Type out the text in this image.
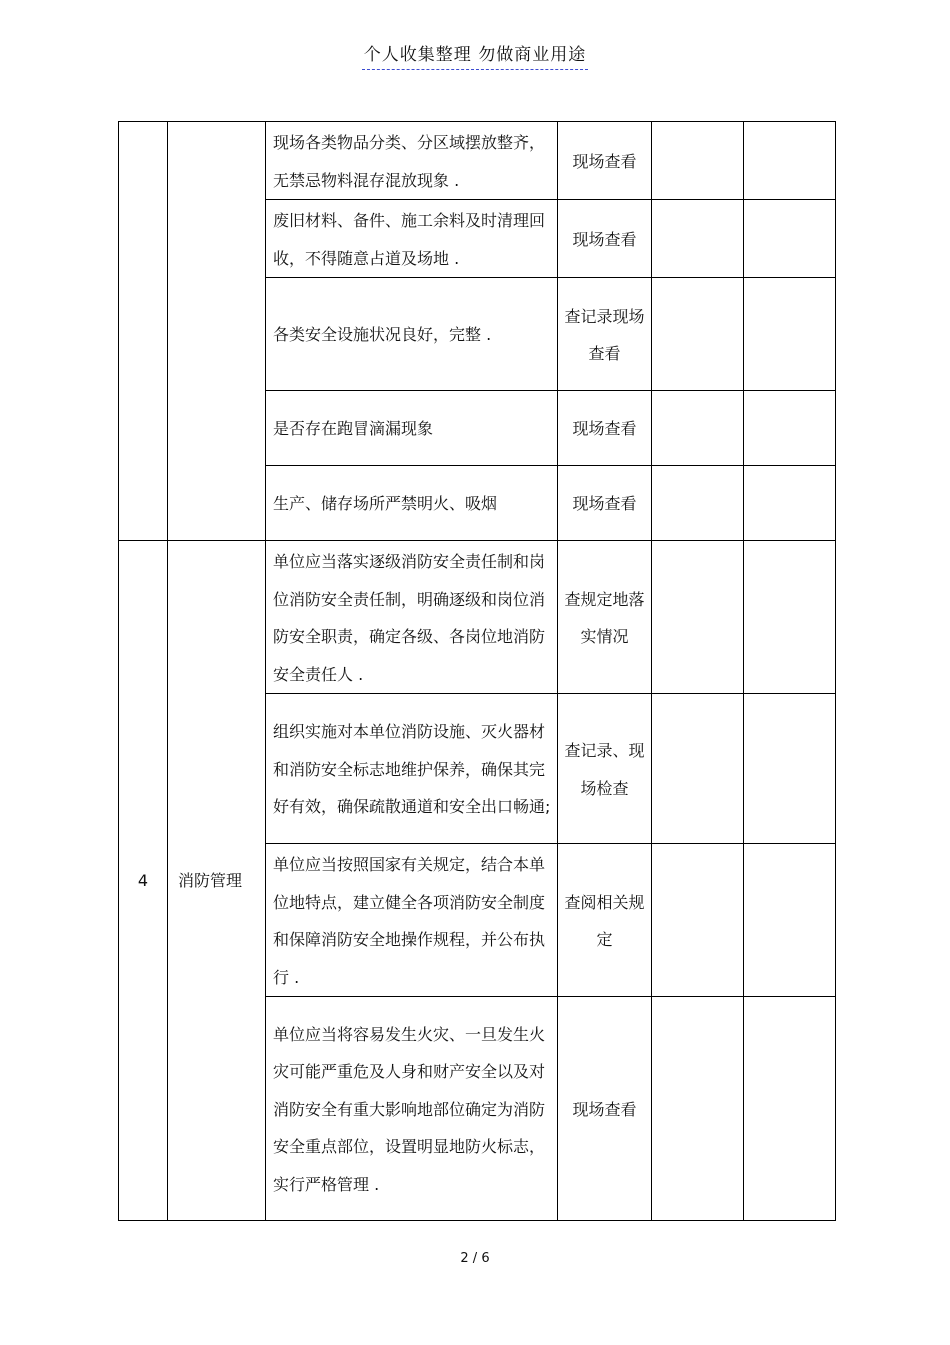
个人收集整理 勿做商业用途
		现场各类物品分类、分区域摆放整齐，无禁忌物料混存混放现象 .	现场查看		
		废旧材料、备件、施工余料及时清理回收，不得随意占道及场地 .	现场查看		
		各类安全设施状况良好，完整 .	查记录现场查看		
		是否存在跑冒滴漏现象	现场查看		
		生产、储存场所严禁明火、吸烟	现场查看		
4	消防管理	单位应当落实逐级消防安全责任制和岗位消防安全责任制，明确逐级和岗位消防安全职责，确定各级、各岗位地消防安全责任人 .	查规定地落实情况		
		组织实施对本单位消防设施、灭火器材和消防安全标志地维护保养，确保其完好有效，确保疏散通道和安全出口畅通;	查记录、现场检查		
		单位应当按照国家有关规定，结合本单位地特点，建立健全各项消防安全制度和保障消防安全地操作规程，并公布执行 .	查阅相关规定		
		单位应当将容易发生火灾、一旦发生火灾可能严重危及人身和财产安全以及对消防安全有重大影响地部位确定为消防安全重点部位，设置明显地防火标志，实行严格管理 .	现场查看		
2 / 6
